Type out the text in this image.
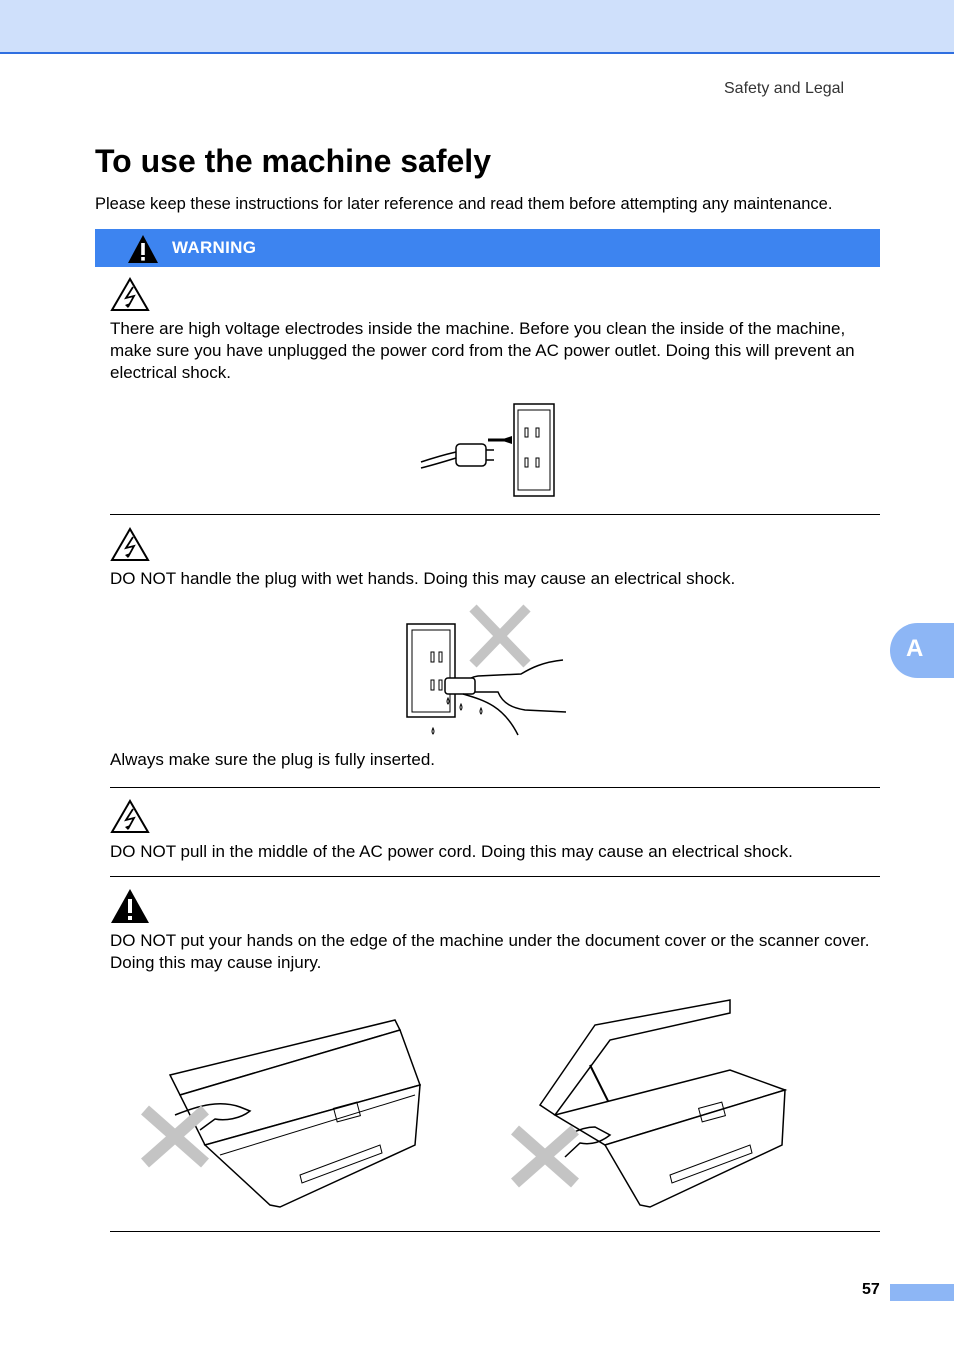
Safety and Legal
To use the machine safely
Please keep these instructions for later reference and read them before attempting any maintenance.
WARNING

There are high voltage electrodes inside the machine. Before you clean the inside of the machine, make sure you have unplugged the power cord from the AC power outlet. Doing this will prevent an electrical shock.

DO NOT handle the plug with wet hands. Doing this may cause an electrical shock.

Always make sure the plug is fully inserted.

DO NOT pull in the middle of the AC power cord. Doing this may cause an electrical shock.

DO NOT put your hands on the edge of the machine under the document cover or the scanner cover. Doing this may cause injury.

A
57
